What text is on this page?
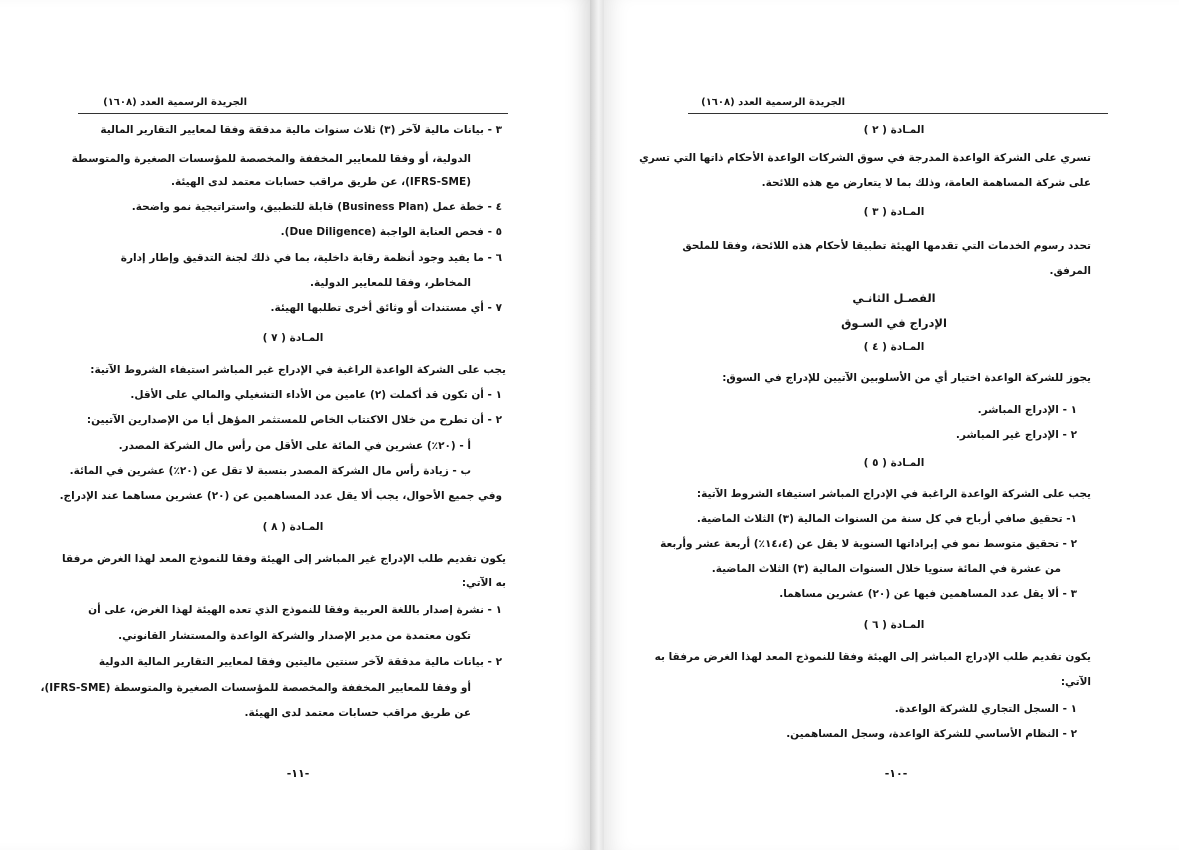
الجريدة الرسمية العدد (١٦٠٨)
٣ - بيانات مالية لآخر (٣) ثلاث سنوات مالية مدققة وفقا لمعايير التقارير المالية
الدولية، أو وفقا للمعايير المخففة والمخصصة للمؤسسات الصغيرة والمتوسطة
(IFRS-SME)، عن طريق مراقب حسابات معتمد لدى الهيئة.
٤ - خطة عمل (Business Plan) قابلة للتطبيق، واستراتيجية نمو واضحة.
٥ - فحص العناية الواجبة (Due Diligence).
٦ - ما يفيد وجود أنظمة رقابة داخلية، بما في ذلك لجنة التدقيق وإطار إدارة
المخاطر، وفقا للمعايير الدولية.
٧ - أي مستندات أو وثائق أخرى تطلبها الهيئة.
المـادة ( ٧ )
يجب على الشركة الواعدة الراغبة في الإدراج غير المباشر استيفاء الشروط الآتية:
١ - أن تكون قد أكملت (٢) عامين من الأداء التشغيلي والمالي على الأقل.
٢ - أن تطرح من خلال الاكتتاب الخاص للمستثمر المؤهل أيا من الإصدارين الآتيين:
أ - (٢٠٪) عشرين في المائة على الأقل من رأس مال الشركة المصدر.
ب - زيادة رأس مال الشركة المصدر بنسبة لا تقل عن (٢٠٪) عشرين في المائة.
وفي جميع الأحوال، يجب ألا يقل عدد المساهمين عن (٢٠) عشرين مساهما عند الإدراج.
المـادة ( ٨ )
يكون تقديم طلب الإدراج غير المباشر إلى الهيئة وفقا للنموذج المعد لهذا الغرض مرفقا
به الآتي:
١ - نشرة إصدار باللغة العربية وفقا للنموذج الذي تعده الهيئة لهذا الغرض، على أن
تكون معتمدة من مدير الإصدار والشركة الواعدة والمستشار القانوني.
٢ - بيانات مالية مدققة لآخر سنتين ماليتين وفقا لمعايير التقارير المالية الدولية
أو وفقا للمعايير المخففة والمخصصة للمؤسسات الصغيرة والمتوسطة (IFRS-SME)،
عن طريق مراقب حسابات معتمد لدى الهيئة.
-١١-
الجريدة الرسمية العدد (١٦٠٨)
المـادة ( ٢ )
تسري على الشركة الواعدة المدرجة في سوق الشركات الواعدة الأحكام ذاتها التي تسري
على شركة المساهمة العامة، وذلك بما لا يتعارض مع هذه اللائحة.
المـادة ( ٣ )
تحدد رسوم الخدمات التي تقدمها الهيئة تطبيقا لأحكام هذه اللائحة، وفقا للملحق
المرفق.
الفصـل الثانـي
الإدراج في السـوق
المـادة ( ٤ )
يجوز للشركة الواعدة اختيار أي من الأسلوبين الآتيين للإدراج في السوق:
١ - الإدراج المباشر.
٢ - الإدراج غير المباشر.
المـادة ( ٥ )
يجب على الشركة الواعدة الراغبة في الإدراج المباشر استيفاء الشروط الآتية:
١- تحقيق صافي أرباح في كل سنة من السنوات المالية (٣) الثلاث الماضية.
٢ - تحقيق متوسط نمو في إيراداتها السنوية لا يقل عن (١٤،٤٪) أربعة عشر وأربعة
من عشرة في المائة سنويا خلال السنوات المالية (٣) الثلاث الماضية.
٣ - ألا يقل عدد المساهمين فيها عن (٢٠) عشرين مساهما.
المـادة ( ٦ )
يكون تقديم طلب الإدراج المباشر إلى الهيئة وفقا للنموذج المعد لهذا الغرض مرفقا به
الآتي:
١ - السجل التجاري للشركة الواعدة.
٢ - النظام الأساسي للشركة الواعدة، وسجل المساهمين.
-١٠-
